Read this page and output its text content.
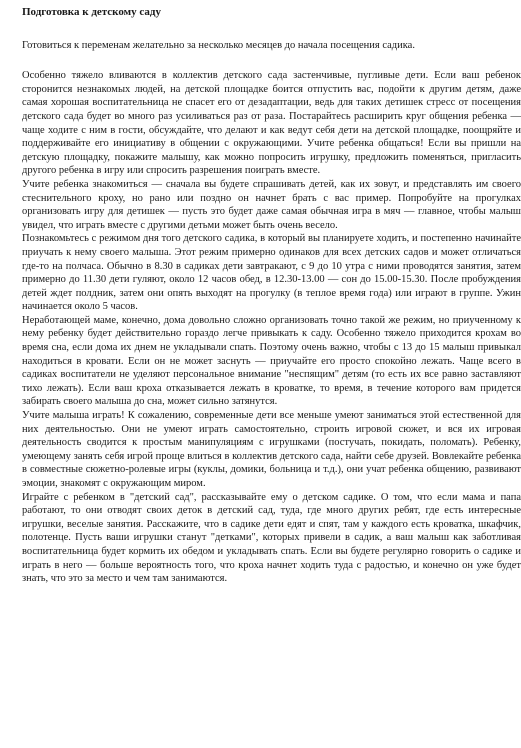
Подготовка к детскому саду
Готовиться к переменам желательно за несколько месяцев до начала посещения садика.
Особенно тяжело вливаются в коллектив детского сада застенчивые, пугливые дети. Если ваш ребенок сторонится незнакомых людей, на детской площадке боится отпустить вас, подойти к другим детям, даже самая хорошая воспитательница не спасет его от дезадаптации, ведь для таких детишек стресс от посещения детского сада будет во много раз усиливаться раз от раза. Постарайтесь расширить круг общения ребенка — чаще ходите с ним в гости, обсуждайте, что делают и как ведут себя дети на детской площадке, поощряйте и поддерживайте его инициативу в общении с окружающими. Учите ребенка общаться! Если вы пришли на детскую площадку, покажите малышу, как можно попросить игрушку, предложить поменяться, пригласить другого ребенка в игру или спросить разрешения поиграть вместе.
Учите ребенка знакомиться — сначала вы будете спрашивать детей, как их зовут, и представлять им своего стеснительного кроху, но рано или поздно он начнет брать с вас пример. Попробуйте на прогулках организовать игру для детишек — пусть это будет даже самая обычная игра в мяч — главное, чтобы малыш увидел, что играть вместе с другими детьми может быть очень весело.
Познакомьтесь с режимом дня того детского садика, в который вы планируете ходить, и постепенно начинайте приучать к нему своего малыша. Этот режим примерно одинаков для всех детских садов и может отличаться где-то на полчаса. Обычно в 8.30 в садиках дети завтракают, с 9 до 10 утра с ними проводятся занятия, затем примерно до 11.30 дети гуляют, около 12 часов обед, в 12.30-13.00 — сон до 15.00-15.30. После пробуждения детей ждет полдник, затем они опять выходят на прогулку (в теплое время года) или играют в группе. Ужин начинается около 5 часов.
Неработающей маме, конечно, дома довольно сложно организовать точно такой же режим, но приученному к нему ребенку будет действительно гораздо легче привыкать к саду. Особенно тяжело приходится крохам во время сна, если дома их днем не укладывали спать. Поэтому очень важно, чтобы с 13 до 15 малыш привыкал находиться в кровати. Если он не может заснуть — приучайте его просто спокойно лежать. Чаще всего в садиках воспитатели не уделяют персональное внимание "неспящим" детям (то есть их все равно заставляют тихо лежать). Если ваш кроха отказывается лежать в кроватке, то время, в течение которого вам придется забирать своего малыша до сна, может сильно затянутся.
Учите малыша играть! К сожалению, современные дети все меньше умеют заниматься этой естественной для них деятельностью. Они не умеют играть самостоятельно, строить игровой сюжет, и вся их игровая деятельность сводится к простым манипуляциям с игрушками (постучать, покидать, поломать). Ребенку, умеющему занять себя игрой проще влиться в коллектив детского сада, найти себе друзей. Вовлекайте ребенка в совместные сюжетно-ролевые игры (куклы, домики, больница и т.д.), они учат ребенка общению, развивают эмоции, знакомят с окружающим миром.
Играйте с ребенком в "детский сад", рассказывайте ему о детском садике. О том, что если мама и папа работают, то они отводят своих деток в детский сад, туда, где много других ребят, где есть интересные игрушки, веселые занятия. Расскажите, что в садике дети едят и спят, там у каждого есть кроватка, шкафчик, полотенце. Пусть ваши игрушки станут "детками", которых привели в садик, а ваш малыш как заботливая воспитательница будет кормить их обедом и укладывать спать. Если вы будете регулярно говорить о садике и играть в него — больше вероятность того, что кроха начнет ходить туда с радостью, и конечно он уже будет знать, что это за место и чем там занимаются.
